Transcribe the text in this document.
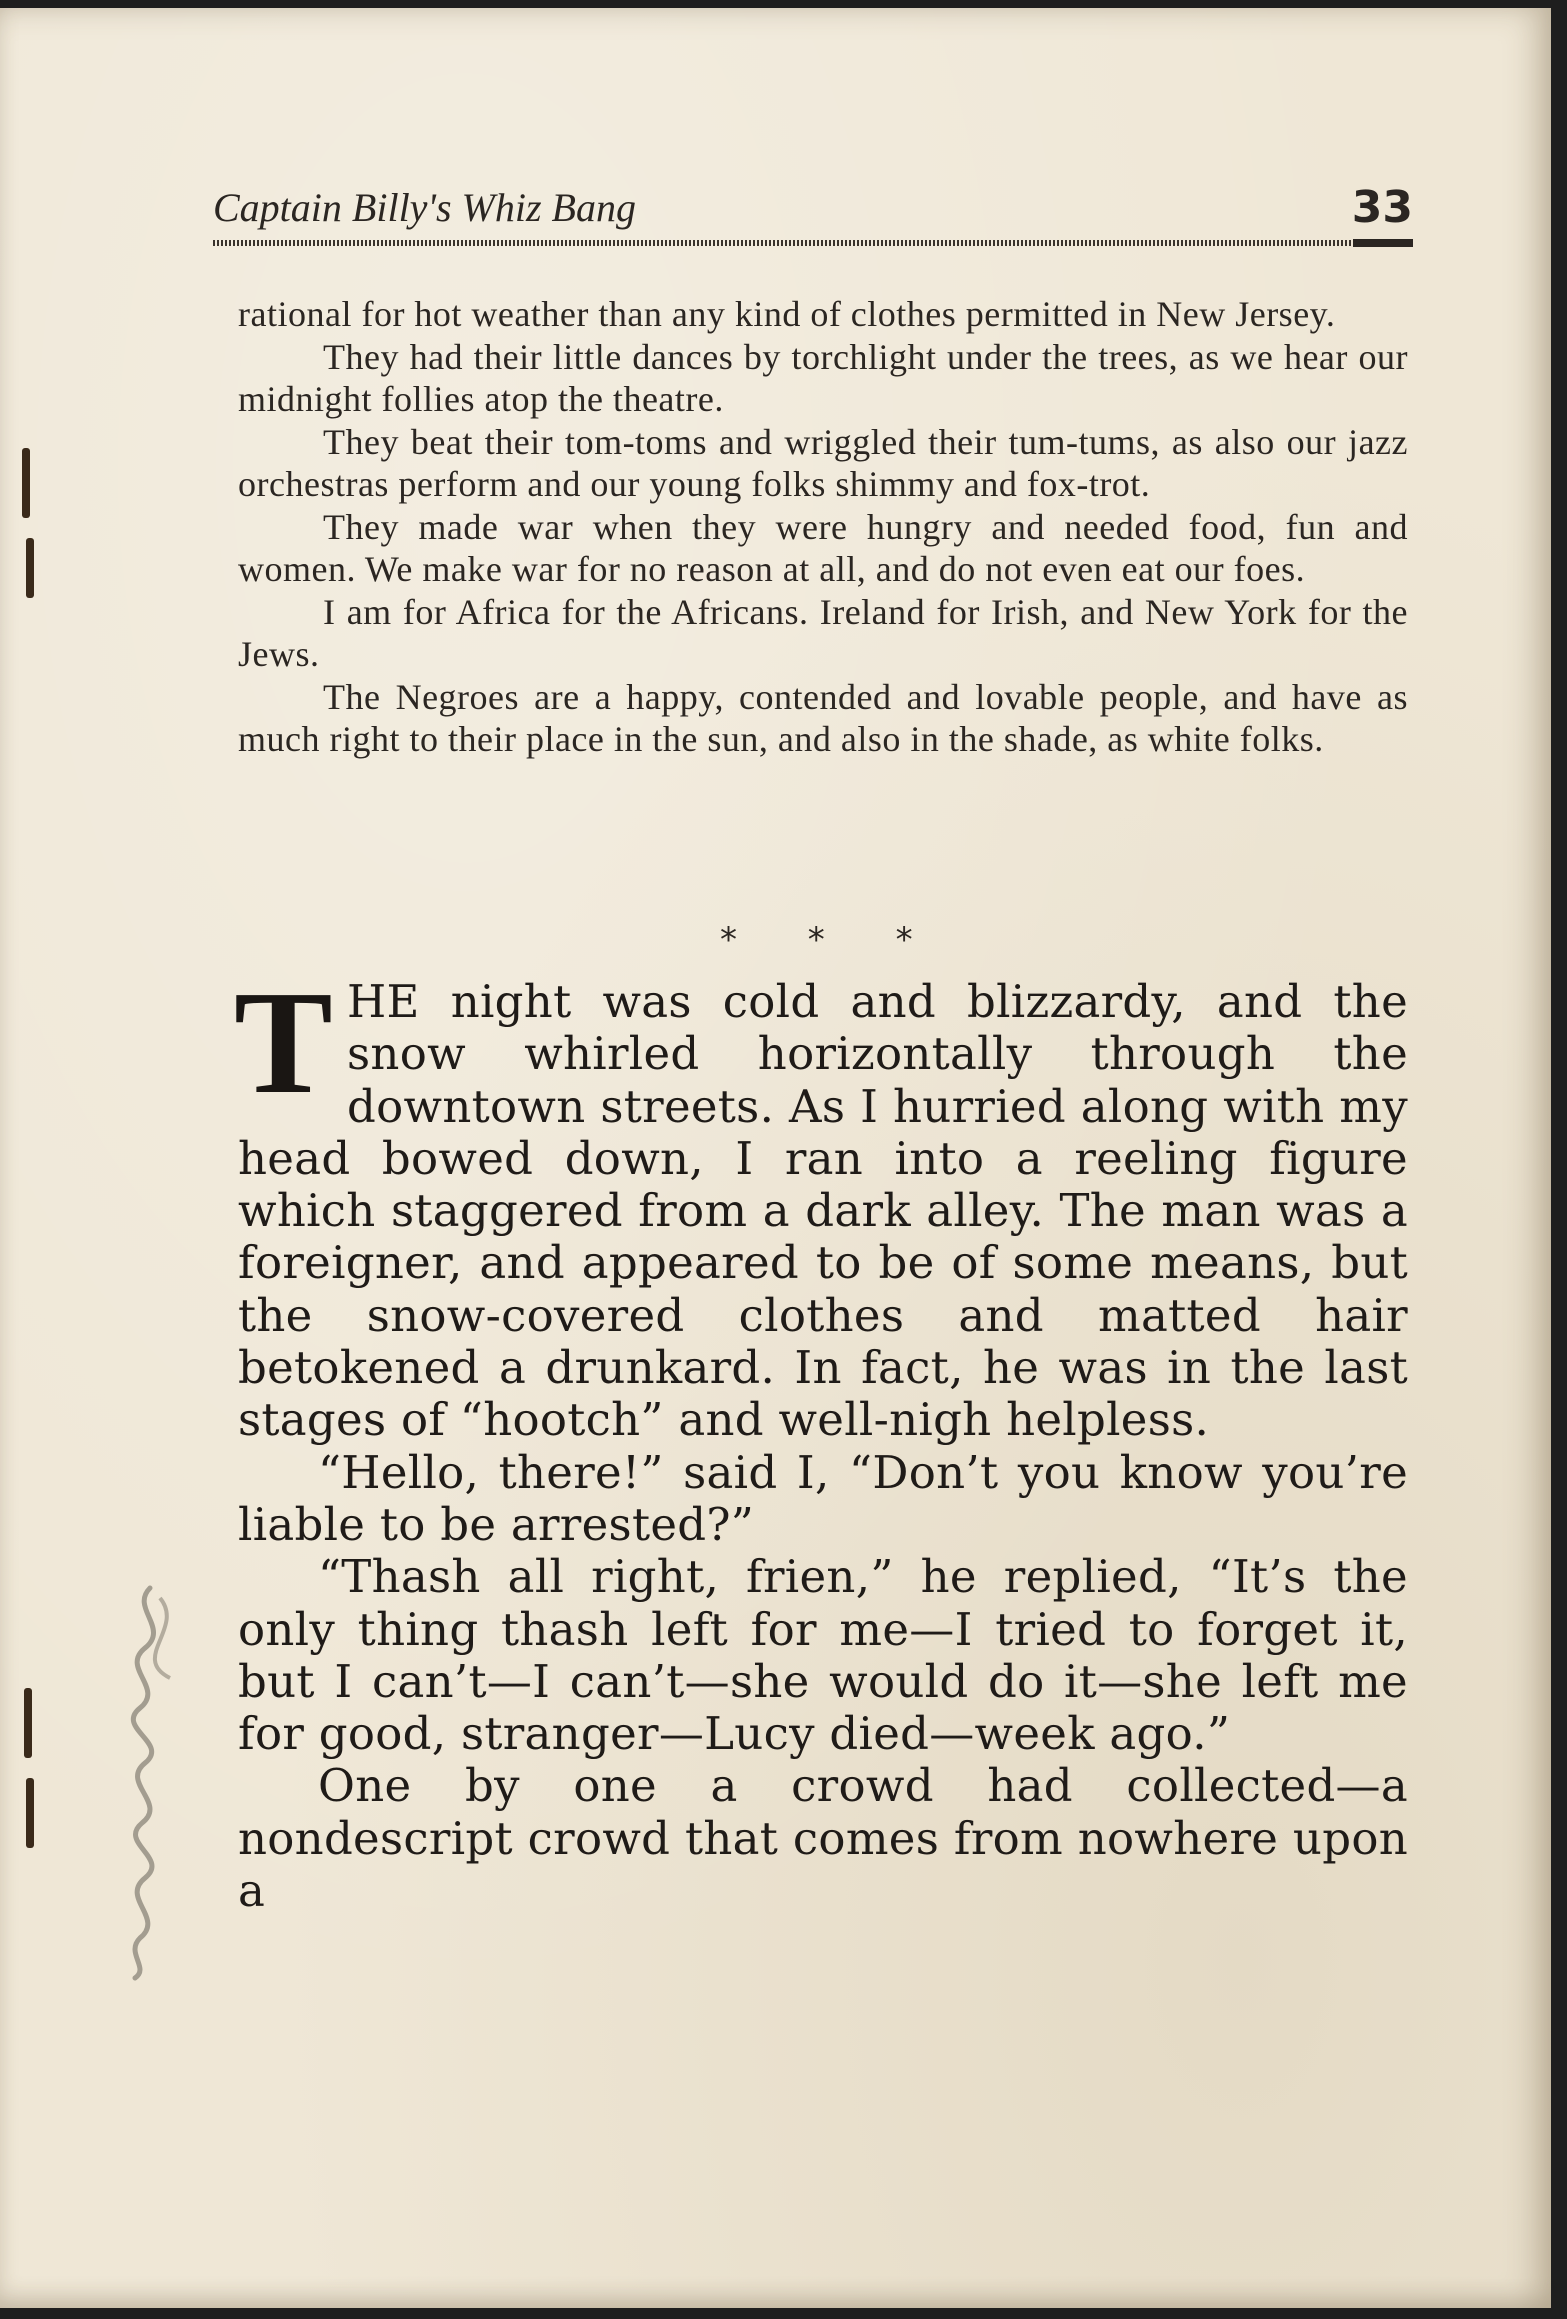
Captain Billy's Whiz Bang	33

rational for hot weather than any kind of clothes permitted in New Jersey.

They had their little dances by torchlight under the trees, as we hear our midnight follies atop the theatre.

They beat their tom-toms and wriggled their tum-tums, as also our jazz orchestras perform and our young folks shimmy and fox-trot.

They made war when they were hungry and needed food, fun and women. We make war for no reason at all, and do not even eat our foes.

I am for Africa for the Africans. Ireland for Irish, and New York for the Jews.

The Negroes are a happy, contended and lovable people, and have as much right to their place in the sun, and also in the shade, as white folks.

* * *

THE night was cold and blizzardy, and the snow whirled horizontally through the downtown streets. As I hurried along with my head bowed down, I ran into a reeling figure which staggered from a dark alley. The man was a foreigner, and appeared to be of some means, but the snow-covered clothes and matted hair betokened a drunkard. In fact, he was in the last stages of “hootch” and well-nigh helpless.

“Hello, there!” said I, “Don’t you know you’re liable to be arrested?”

“Thash all right, frien,” he replied, “It’s the only thing thash left for me—I tried to forget it, but I can’t—I can’t—she would do it—she left me for good, stranger—Lucy died—week ago.”

One by one a crowd had collected—a nondescript crowd that comes from nowhere upon a
